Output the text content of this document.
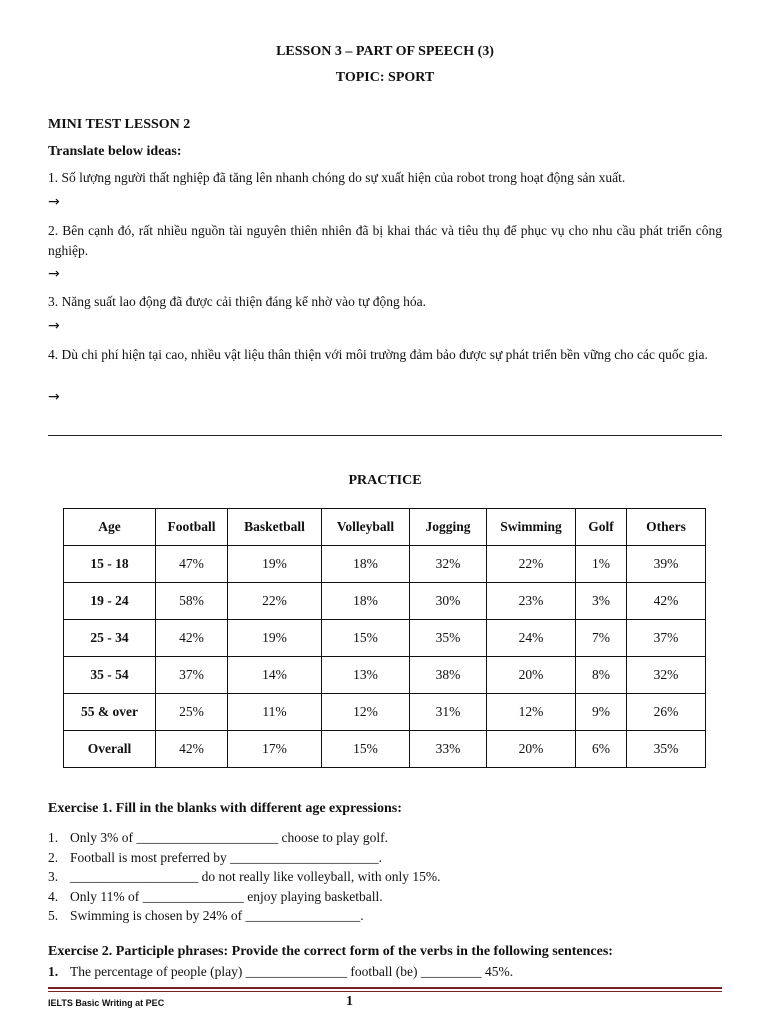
LESSON 3 – PART OF SPEECH (3)
TOPIC: SPORT
MINI TEST LESSON 2
Translate below ideas:
1. Số lượng người thất nghiệp đã tăng lên nhanh chóng do sự xuất hiện của robot trong hoạt động sản xuất.
→
2. Bên cạnh đó, rất nhiều nguồn tài nguyên thiên nhiên đã bị khai thác và tiêu thụ để phục vụ cho nhu cầu phát triển công nghiệp.
→
3. Năng suất lao động đã được cải thiện đáng kể nhờ vào tự động hóa.
→
4. Dù chi phí hiện tại cao, nhiều vật liệu thân thiện với môi trường đảm bảo được sự phát triển bền vững cho các quốc gia.
→
PRACTICE
Age	Football	Basketball	Volleyball	Jogging	Swimming	Golf	Others
15 - 18	47%	19%	18%	32%	22%	1%	39%
19 - 24	58%	22%	18%	30%	23%	3%	42%
25 - 34	42%	19%	15%	35%	24%	7%	37%
35 - 54	37%	14%	13%	38%	20%	8%	32%
55 & over	25%	11%	12%	31%	12%	9%	26%
Overall	42%	17%	15%	33%	20%	6%	35%
Exercise 1. Fill in the blanks with different age expressions:
1. Only 3% of _____________________ choose to play golf.
2. Football is most preferred by ______________________.
3. ___________________ do not really like volleyball, with only 15%.
4. Only 11% of _______________ enjoy playing basketball.
5. Swimming is chosen by 24% of _________________.
Exercise 2. Participle phrases: Provide the correct form of the verbs in the following sentences:
1. The percentage of people (play) _______________ football (be) _________ 45%.
IELTS Basic Writing at PEC	1
